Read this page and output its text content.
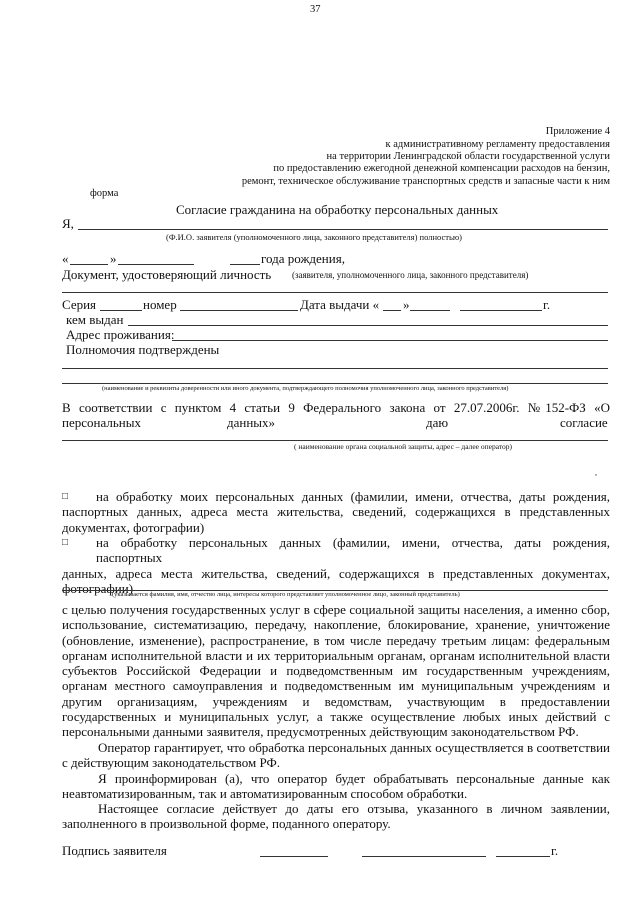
37
Приложение 4
к административному регламенту предоставления
на территории Ленинградской области государственной услуги
по предоставлению ежегодной денежной компенсации расходов на бензин,
ремонт, техническое обслуживание транспортных средств и запасные части к ним
форма
Согласие гражданина на обработку персональных данных
Я,
(Ф.И.О. заявителя (уполномоченного лица, законного представителя) полностью)
«	»	года рождения,
Документ, удостоверяющий личность (заявителя, уполномоченного лица, законного представителя)
Серия	номер	Дата выдачи « »	г.
кем выдан
Адрес проживания:
Полномочия подтверждены
(наименование и реквизиты доверенности или иного документа, подтверждающего полномочия уполномоченного лица, законного представителя)
В соответствии с пунктом 4 статьи 9 Федерального закона от 27.07.2006г. №152-ФЗ «О
персональных	данных»	даю	согласие
( наименование органа социальной защиты, адрес – далее оператор)
,
□	на обработку моих персональных данных (фамилии, имени, отчества, даты рождения,
паспортных данных, адреса места жительства, сведений, содержащихся в представленных документах, фотографии)
□	на обработку персональных данных (фамилии, имени, отчества, даты рождения, паспортных
данных, адреса места жительства, сведений, содержащихся в представленных документах, фотографии)
(указывается фамилия, имя, отчество лица, интересы которого представляет уполномоченное лицо, законный представитель)
с целью получения государственных услуг в сфере социальной защиты населения, а именно сбор, использование, систематизацию, передачу, накопление, блокирование, хранение, уничтожение (обновление, изменение), распространение, в том числе передачу третьим лицам: федеральным органам исполнительной власти и их территориальным органам, органам исполнительной власти субъектов Российской Федерации и подведомственным им государственным учреждениям, органам местного самоуправления и подведомственным им муниципальным учреждениям и другим организациям, учреждениям и ведомствам, участвующим в предоставлении государственных и муниципальных услуг, а также осуществление любых иных действий с персональными данными заявителя, предусмотренных действующим законодательством РФ.
Оператор гарантирует, что обработка персональных данных осуществляется в соответствии с действующим законодательством РФ.
Я проинформирован (а), что оператор будет обрабатывать персональные данные как неавтоматизированным, так и автоматизированным способом обработки.
Настоящее согласие действует до даты его отзыва, указанного в личном заявлении, заполненного в произвольной форме, поданного оператору.
Подпись заявителя	г.
